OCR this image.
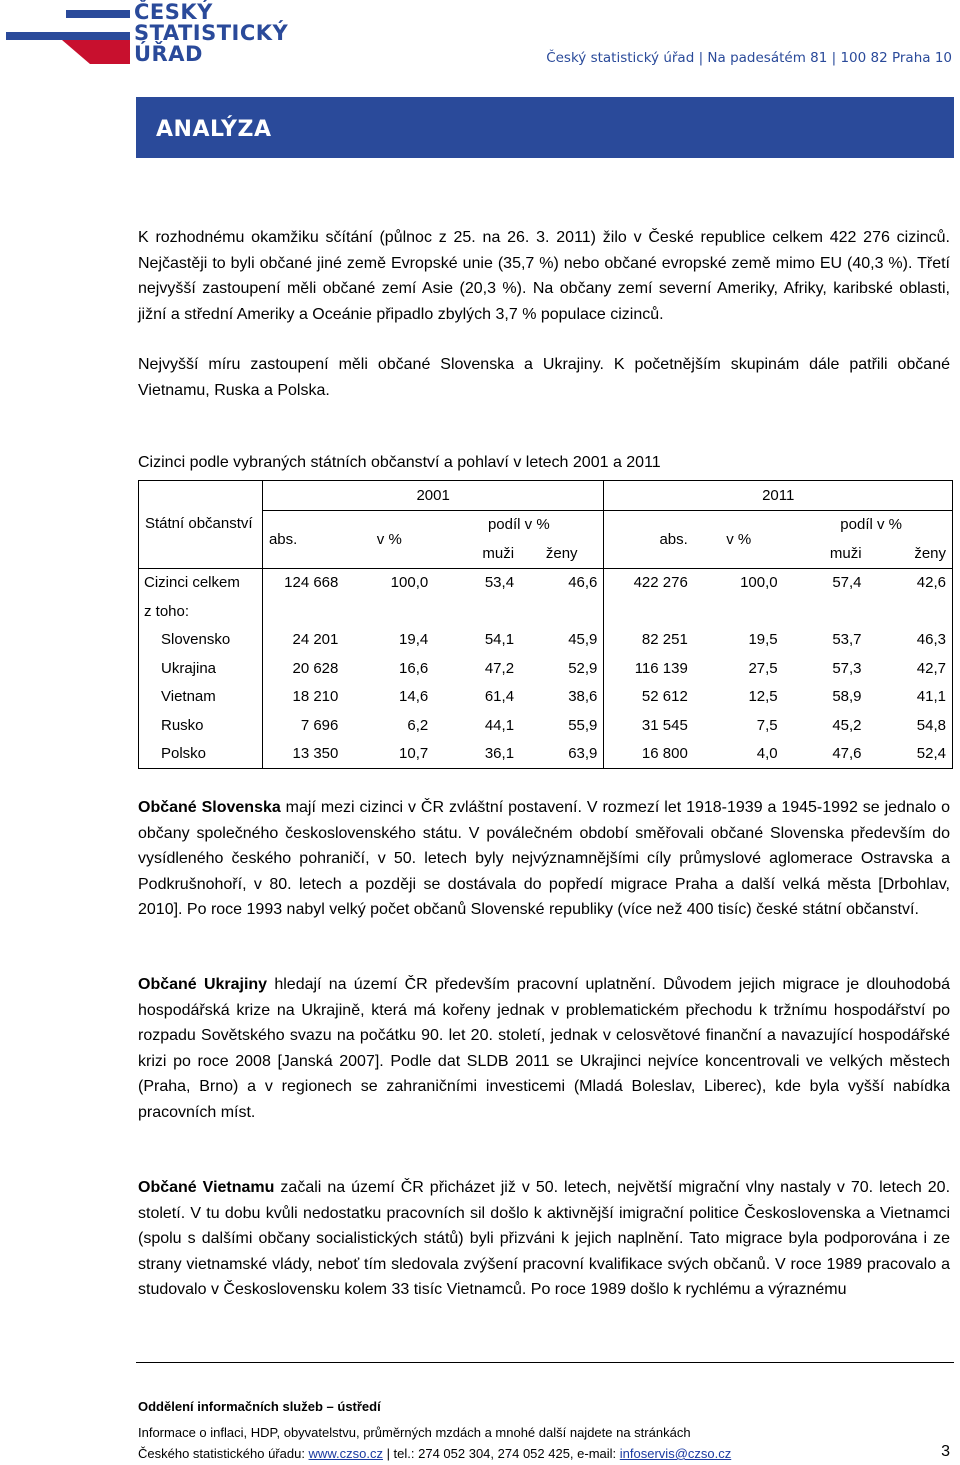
ČESKÝ
STATISTICKÝ
ÚŘAD	Český statistický úřad | Na padesátém 81 | 100 82 Praha 10
ANALÝZA

K rozhodnému okamžiku sčítání (půlnoc z 25. na 26. 3. 2011) žilo v České republice celkem 422 276 cizinců. Nejčastěji to byli občané jiné země Evropské unie (35,7 %) nebo občané evropské země mimo EU (40,3 %). Třetí nejvyšší zastoupení měli občané zemí Asie (20,3 %). Na občany zemí severní Ameriky, Afriky, karibské oblasti, jižní a střední Ameriky a Oceánie připadlo zbylých 3,7 % populace cizinců.

Nejvyšší míru zastoupení měli občané Slovenska a Ukrajiny. K početnějším skupinám dále patřili občané Vietnamu, Ruska a Polska.

Cizinci podle vybraných státních občanství a pohlaví v letech 2001 a 2011
Státní občanství	2001				2011			
	abs.	v %	podíl v %		abs.	v %	podíl v %	
			muži	ženy			muži	ženy
Cizinci celkem	124 668	100,0	53,4	46,6	422 276	100,0	57,4	42,6
z toho:								
Slovensko	24 201	19,4	54,1	45,9	82 251	19,5	53,7	46,3
Ukrajina	20 628	16,6	47,2	52,9	116 139	27,5	57,3	42,7
Vietnam	18 210	14,6	61,4	38,6	52 612	12,5	58,9	41,1
Rusko	7 696	6,2	44,1	55,9	31 545	7,5	45,2	54,8
Polsko	13 350	10,7	36,1	63,9	16 800	4,0	47,6	52,4

Občané Slovenska mají mezi cizinci v ČR zvláštní postavení. V rozmezí let 1918-1939 a 1945-1992 se jednalo o občany společného československého státu. V poválečném období směřovali občané Slovenska především do vysídleného českého pohraničí, v 50. letech byly nejvýznamnějšími cíly průmyslové aglomerace Ostravska a Podkrušnohoří, v 80. letech a později se dostávala do popředí migrace Praha a další velká města [Drbohlav, 2010]. Po roce 1993 nabyl velký počet občanů Slovenské republiky (více než 400 tisíc) české státní občanství.

Občané Ukrajiny hledají na území ČR především pracovní uplatnění. Důvodem jejich migrace je dlouhodobá hospodářská krize na Ukrajině, která má kořeny jednak v problematickém přechodu k tržnímu hospodářství po rozpadu Sovětského svazu na počátku 90. let 20. století, jednak v celosvětové finanční a navazující hospodářské krizi po roce 2008 [Janská 2007]. Podle dat SLDB 2011 se Ukrajinci nejvíce koncentrovali ve velkých městech (Praha, Brno) a v regionech se zahraničními investicemi (Mladá Boleslav, Liberec), kde byla vyšší nabídka pracovních míst.

Občané Vietnamu začali na území ČR přicházet již v 50. letech, největší migrační vlny nastaly v 70. letech 20. století. V tu dobu kvůli nedostatku pracovních sil došlo k aktivnější imigrační politice Československa a Vietnamci (spolu s dalšími občany socialistických států) byli přizváni k jejich naplnění. Tato migrace byla podporována i ze strany vietnamské vlády, neboť tím sledovala zvýšení pracovní kvalifikace svých občanů. V roce 1989 pracovalo a studovalo v Československu kolem 33 tisíc Vietnamců. Po roce 1989 došlo k rychlému a výraznému

Oddělení informačních služeb – ústředí
Informace o inflaci, HDP, obyvatelstvu, průměrných mzdách a mnohé další najdete na stránkách
Českého statistického úřadu: www.czso.cz | tel.: 274 052 304, 274 052 425, e-mail: infoservis@czso.cz	3
